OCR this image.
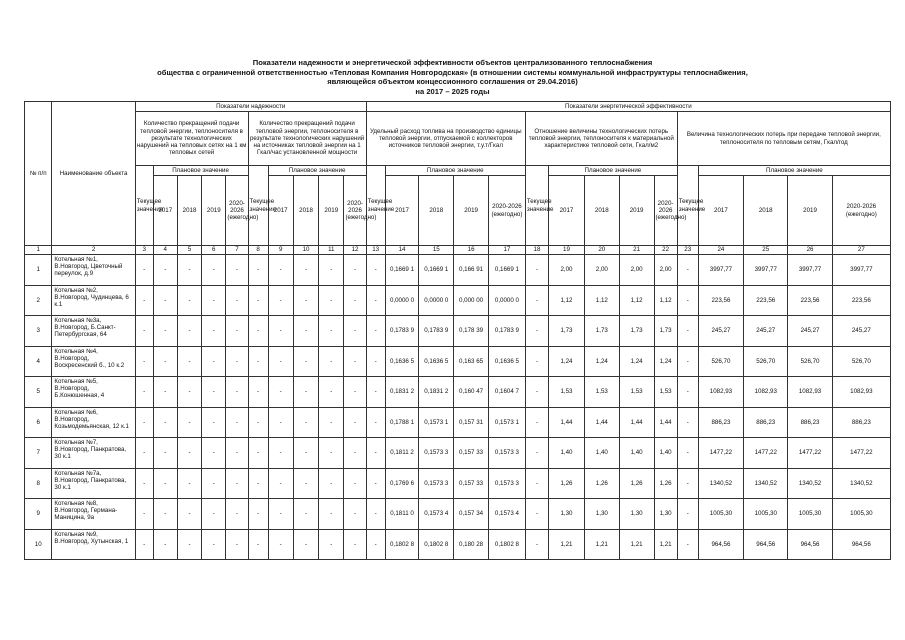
Показатели надежности и энергетической эффективности объектов централизованного теплоснабжения
общества с ограниченной ответственностью «Тепловая Компания Новгородская» (в отношении системы коммунальной инфраструктуры теплоснабжения,
являющейся объектом концессионного соглашения от 29.04.2016)
на 2017 – 2025 годы
№ п/п	Наименование объекта	Показатели надежности										Показатели энергетической эффективности														
		Количество прекращений подачи тепловой энергии, теплоносителя в результате технологических нарушений на тепловых сетях на 1 км тепловых сетей					Количество прекращений подачи тепловой энергии, теплоносителя в результате технологических нарушений на источниках тепловой энергии на 1 Гкал/час установленной мощности					Удельный расход топлива на производство единицы тепловой энергии, отпускаемой с коллекторов источников тепловой энергии, т.у.т/Гкал					Отношение величины технологических потерь тепловой энергии, теплоносителя к материальной характеристике тепловой сети, Гкал/м2					Величина технологических потерь при передаче тепловой энергии, теплоносителя по тепловым сетям, Гкал/год				
		Текущее значение	Плановое значение				Текущее значение	Плановое значение				Текущее значение	Плановое значение				Текущее значение	Плановое значение				Текущее значение	Плановое значение			
			2017	2018	2019	2020-2026 (ежегодно)		2017	2018	2019	2020-2026 (ежегодно)		2017	2018	2019	2020-2026 (ежегодно)		2017	2018	2019	2020-2026 (ежегодно)		2017	2018	2019	2020-2026 (ежегодно)
1	2	3	4	5	6	7	8	9	10	11	12	13	14	15	16	17	18	19	20	21	22	23	24	25	26	27
1	Котельная №1, В.Новгород, Цветочный переулок, д.9	-	-	-	-	-	-	-	-	-	-	-	0,1669 1	0,1669 1	0,166 91	0,1669 1	-	2,00	2,00	2,00	2,00	-	3997,77	3997,77	3997,77	3997,77
2	Котельная №2, В.Новгород, Чудинцева, 6 к.1	-	-	-	-	-	-	-	-	-	-	-	0,0000 0	0,0000 0	0,000 00	0,0000 0	-	1,12	1,12	1,12	1,12	-	223,56	223,56	223,56	223,56
3	Котельная №3а, В.Новгород, Б.Санкт-Петербургская, 64	-	-	-	-	-	-	-	-	-	-	-	0,1783 9	0,1783 9	0,178 39	0,1783 9	-	1,73	1,73	1,73	1,73	-	245,27	245,27	245,27	245,27
4	Котельная №4, В.Новгород, Воскресенский б., 10 к.2	-	-	-	-	-	-	-	-	-	-	-	0,1636 5	0,1636 5	0,163 65	0,1636 5	-	1,24	1,24	1,24	1,24	-	526,70	526,70	526,70	526,70
5	Котельная №5, В.Новгород, Б.Конюшенная, 4	-	-	-	-	-	-	-	-	-	-	-	0,1831 2	0,1831 2	0,160 47	0,1604 7	-	1,53	1,53	1,53	1,53	-	1082,93	1082,93	1082,93	1082,93
6	Котельная №6, В.Новгород, Козьмодемьянская, 12 к.1	-	-	-	-	-	-	-	-	-	-	-	0,1788 1	0,1573 1	0,157 31	0,1573 1	-	1,44	1,44	1,44	1,44	-	886,23	886,23	886,23	886,23
7	Котельная №7, В.Новгород, Панкратова, 30 к.1	-	-	-	-	-	-	-	-	-	-	-	0,1811 2	0,1573 3	0,157 33	0,1573 3	-	1,40	1,40	1,40	1,40	-	1477,22	1477,22	1477,22	1477,22
8	Котельная №7а, В.Новгород, Панкратова, 30 к.1	-	-	-	-	-	-	-	-	-	-	-	0,1769 6	0,1573 3	0,157 33	0,1573 3	-	1,26	1,26	1,26	1,26	-	1340,52	1340,52	1340,52	1340,52
9	Котельная №8, В.Новгород, Германа-Маницина, 9а	-	-	-	-	-	-	-	-	-	-	-	0,1811 0	0,1573 4	0,157 34	0,1573 4	-	1,30	1,30	1,30	1,30	-	1005,30	1005,30	1005,30	1005,30
10	Котельная №9, В.Новгород, Хутынская, 1	-	-	-	-	-	-	-	-	-	-	-	0,1802 8	0,1802 8	0,180 28	0,1802 8	-	1,21	1,21	1,21	1,21	-	964,56	964,56	964,56	964,56
